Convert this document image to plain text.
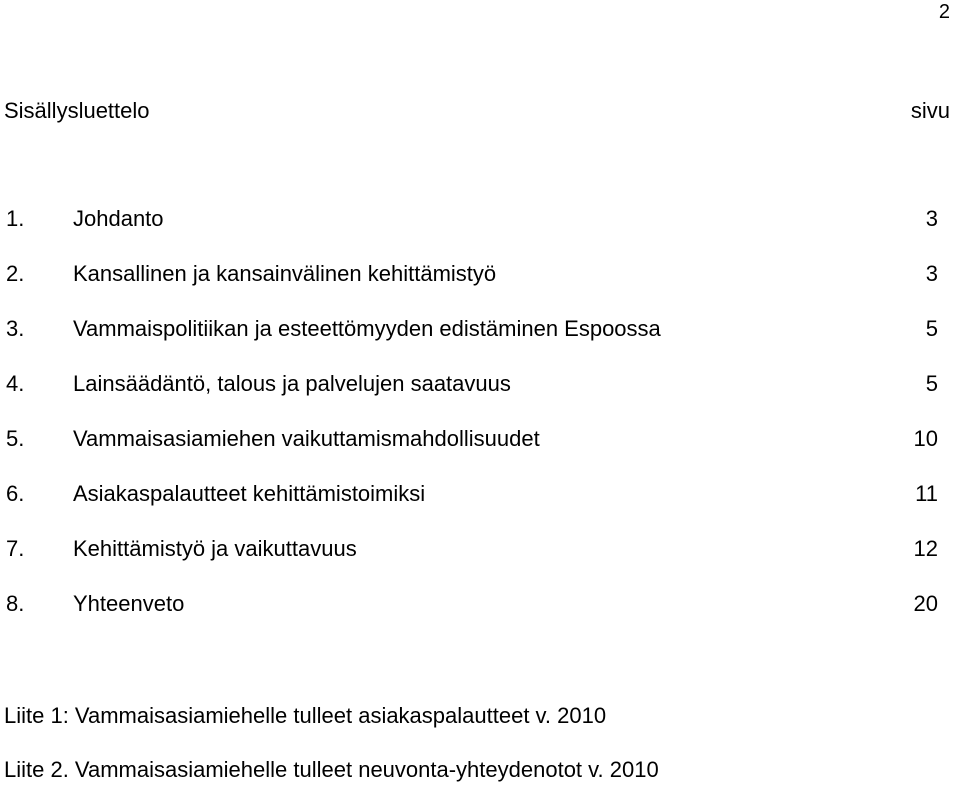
2
Sisällysluettelo	sivu
1. Johdanto	3
2. Kansallinen ja kansainvälinen kehittämistyö	3
3. Vammaispolitiikan ja esteettömyyden edistäminen Espoossa	5
4. Lainsäädäntö, talous ja palvelujen saatavuus	5
5. Vammaisasiamiehen vaikuttamismahdollisuudet	10
6. Asiakaspalautteet kehittämistoimiksi	11
7. Kehittämistyö ja vaikuttavuus	12
8. Yhteenveto	20
Liite 1: Vammaisasiamiehelle tulleet asiakaspalautteet v. 2010
Liite 2. Vammaisasiamiehelle tulleet neuvonta-yhteydenotot v. 2010
